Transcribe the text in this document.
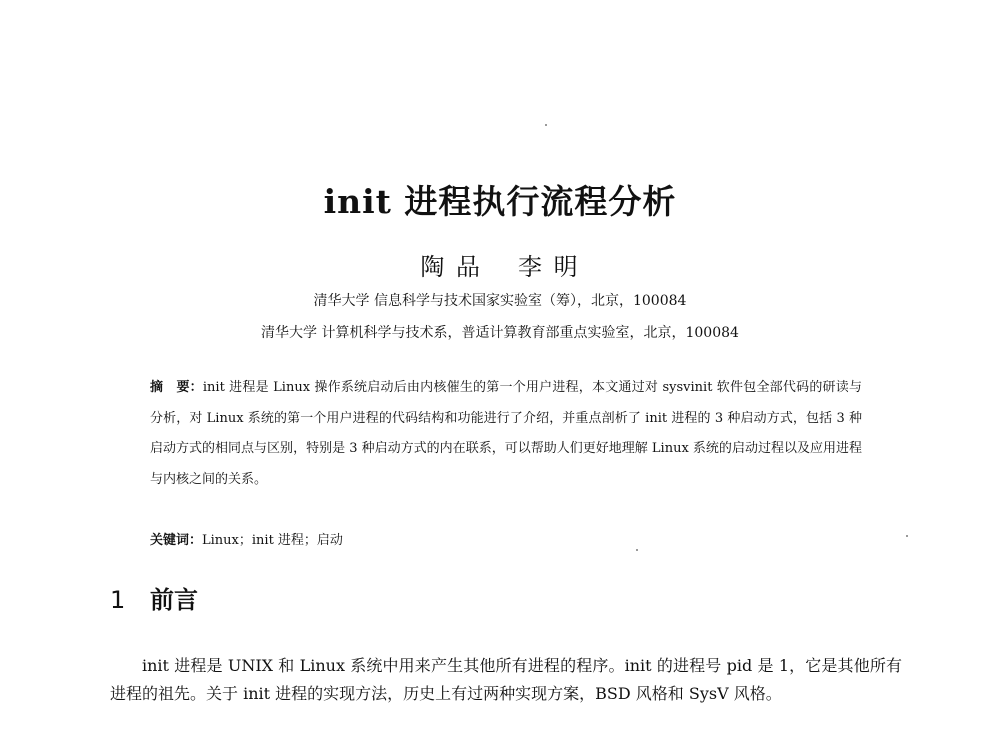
init 进程执行流程分析
陶 品 李 明
清华大学 信息科学与技术国家实验室（筹），北京，100084
清华大学 计算机科学与技术系，普适计算教育部重点实验室，北京，100084
摘　要：init 进程是 Linux 操作系统启动后由内核催生的第一个用户进程，本文通过对 sysvinit 软件包全部代码的研读与分析，对 Linux 系统的第一个用户进程的代码结构和功能进行了介绍，并重点剖析了 init 进程的 3 种启动方式，包括 3 种启动方式的相同点与区别，特别是 3 种启动方式的内在联系，可以帮助人们更好地理解 Linux 系统的启动过程以及应用进程与内核之间的关系。
关键词：Linux；init 进程；启动
1 前言
init 进程是 UNIX 和 Linux 系统中用来产生其他所有进程的程序。init 的进程号 pid 是 1，它是其他所有进程的祖先。关于 init 进程的实现方法，历史上有过两种实现方案，BSD 风格和 SysV 风格。
